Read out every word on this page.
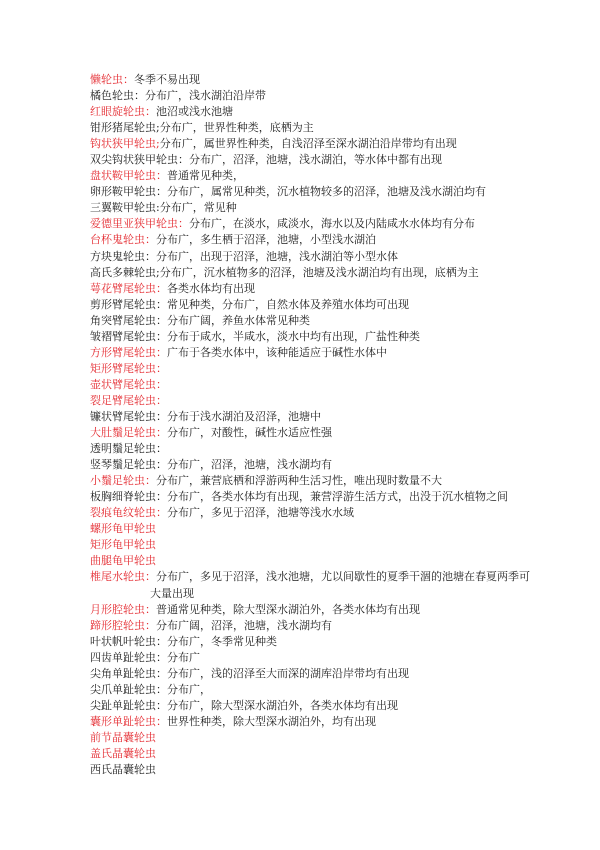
懒轮虫：冬季不易出现
橘色轮虫：分布广，浅水湖泊沿岸带
红眼旋轮虫：池沼或浅水池塘
钳形猪尾轮虫;分布广，世界性种类，底栖为主
钩状狭甲轮虫;分布广，属世界性种类，自浅沼泽至深水湖泊沿岸带均有出现
双尖钩状狭甲轮虫：分布广，沼泽，池塘，浅水湖泊，等水体中都有出现
盘状鞍甲轮虫：普通常见种类，
卵形鞍甲轮虫：分布广，属常见种类，沉水植物较多的沼泽，池塘及浅水湖泊均有
三翼鞍甲轮虫:分布广，常见种
爱德里亚狭甲轮虫：分布广，在淡水，咸淡水，海水以及内陆咸水水体均有分布
台杯鬼轮虫：分布广，多生栖于沼泽，池塘，小型浅水湖泊
方块鬼轮虫：分布广，出现于沼泽，池塘，浅水湖泊等小型水体
高氏多棘轮虫;分布广，沉水植物多的沼泽，池塘及浅水湖泊均有出现，底栖为主
萼花臂尾轮虫：各类水体均有出现
剪形臂尾轮虫：常见种类，分布广，自然水体及养殖水体均可出现
角突臂尾轮虫：分布广阔，养鱼水体常见种类
皱褶臂尾轮虫：分布于咸水，半咸水，淡水中均有出现，广盐性种类
方形臂尾轮虫：广布于各类水体中，该种能适应于碱性水体中
矩形臂尾轮虫：
壶状臂尾轮虫：
裂足臂尾轮虫：
镰状臂尾轮虫：分布于浅水湖泊及沼泽，池塘中
大肚鬚足轮虫：分布广，对酸性，碱性水适应性强
透明鬚足轮虫：
竖琴鬚足轮虫：分布广，沼泽，池塘，浅水湖均有
小鬚足轮虫：分布广，兼营底栖和浮游两种生活习性，唯出现时数量不大
板胸细脊轮虫：分布广，各类水体均有出现，兼营浮游生活方式，出没于沉水植物之间
裂痕龟纹轮虫：分布广，多见于沼泽，池塘等浅水水域
螺形龟甲轮虫
矩形龟甲轮虫
曲腿龟甲轮虫
椎尾水轮虫：分布广，多见于沼泽，浅水池塘，尤以间歇性的夏季干涸的池塘在春夏两季可
大量出现
月形腔轮虫：普通常见种类，除大型深水湖泊外，各类水体均有出现
蹄形腔轮虫：分布广阔，沼泽，池塘，浅水湖均有
叶状帆叶轮虫：分布广，冬季常见种类
四齿单趾轮虫：分布广
尖角单趾轮虫：分布广，浅的沼泽至大而深的湖库沿岸带均有出现
尖爪单趾轮虫：分布广，
尖趾单趾轮虫：分布广，除大型深水湖泊外，各类水体均有出现
囊形单趾轮虫：世界性种类，除大型深水湖泊外，均有出现
前节晶囊轮虫
盖氏晶囊轮虫
西氏晶囊轮虫
